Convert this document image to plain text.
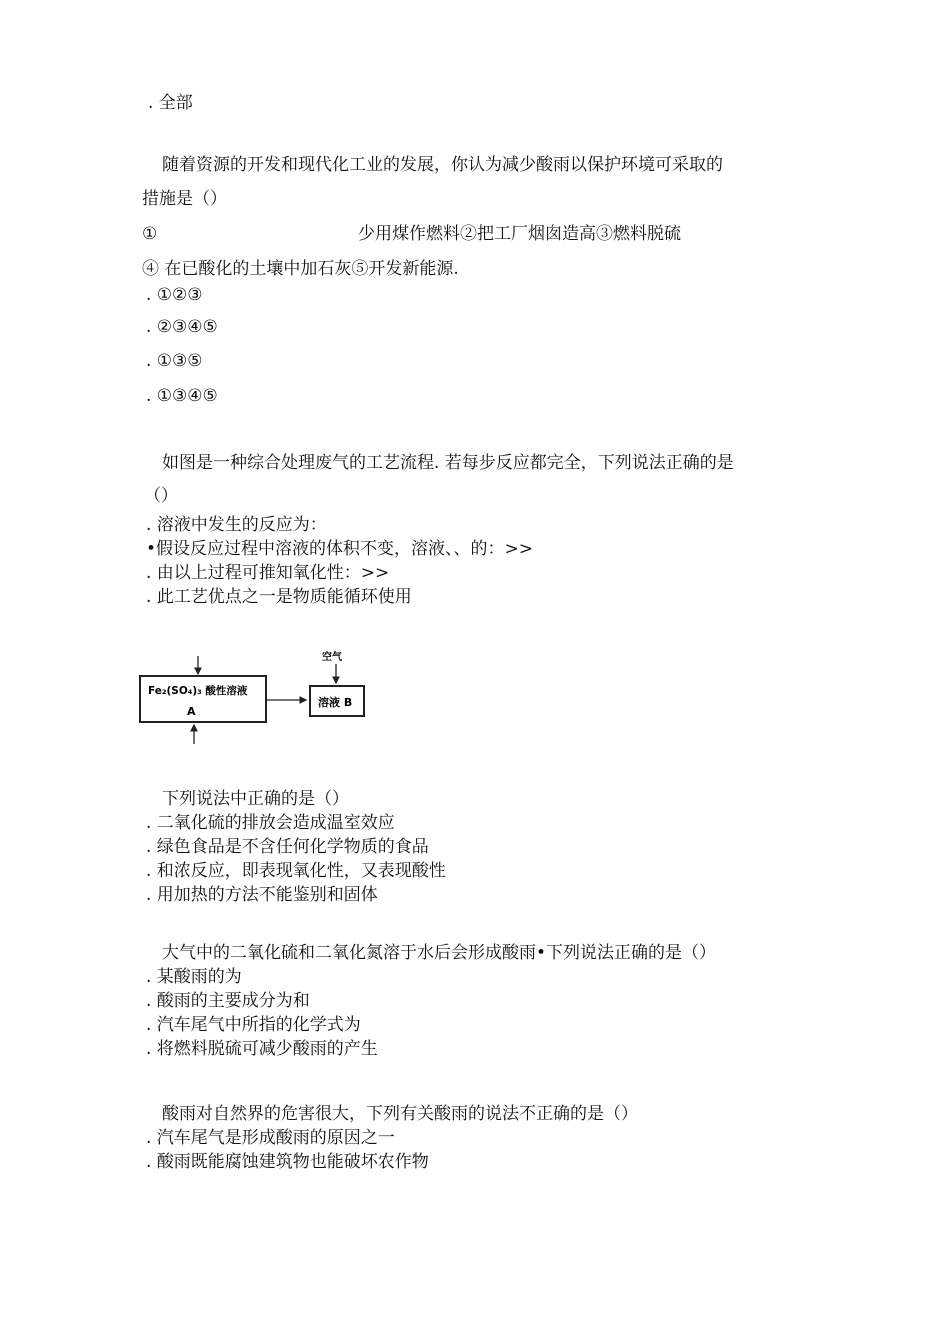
. 全部
随着资源的开发和现代化工业的发展，你认为减少酸雨以保护环境可采取的
措施是（）
①	少用煤作燃料②把工厂烟囱造高③燃料脱硫
④ 在已酸化的土壤中加石灰⑤开发新能源.
. ①②③
. ②③④⑤
. ①③⑤
. ①③④⑤
如图是一种综合处理废气的工艺流程. 若每步反应都完全，下列说法正确的是
（）
. 溶液中发生的反应为：
•假设反应过程中溶液的体积不变，溶液、、的：>>
. 由以上过程可推知氧化性：>>
. 此工艺优点之一是物质能循环使用
Fe₂(SO₄)₃ 酸性溶液
A
溶液 B
空气
下列说法中正确的是（）
. 二氧化硫的排放会造成温室效应
. 绿色食品是不含任何化学物质的食品
. 和浓反应，即表现氧化性，又表现酸性
. 用加热的方法不能鉴别和固体
大气中的二氧化硫和二氧化氮溶于水后会形成酸雨•下列说法正确的是（）
. 某酸雨的为
. 酸雨的主要成分为和
. 汽车尾气中所指的化学式为
. 将燃料脱硫可减少酸雨的产生
酸雨对自然界的危害很大，下列有关酸雨的说法不正确的是（）
. 汽车尾气是形成酸雨的原因之一
. 酸雨既能腐蚀建筑物也能破坏农作物
